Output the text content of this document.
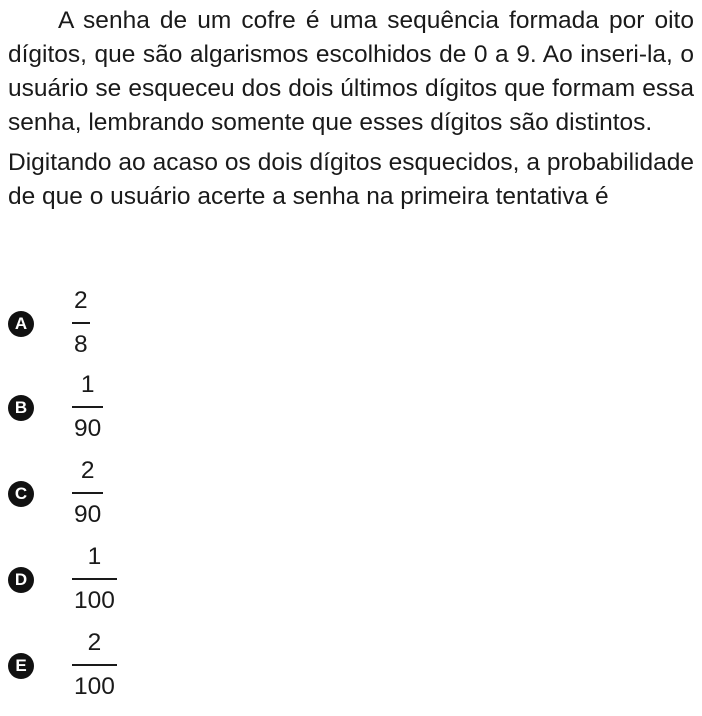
A senha de um cofre é uma sequência formada por oito dígitos, que são algarismos escolhidos de 0 a 9. Ao inseri-la, o usuário se esqueceu dos dois últimos dígitos que formam essa senha, lembrando somente que esses dígitos são distintos.

Digitando ao acaso os dois dígitos esquecidos, a probabilidade de que o usuário acerte a senha na primeira tentativa é

A
2
8
B
1
90
C
2
90
D
1
100
E
2
100
